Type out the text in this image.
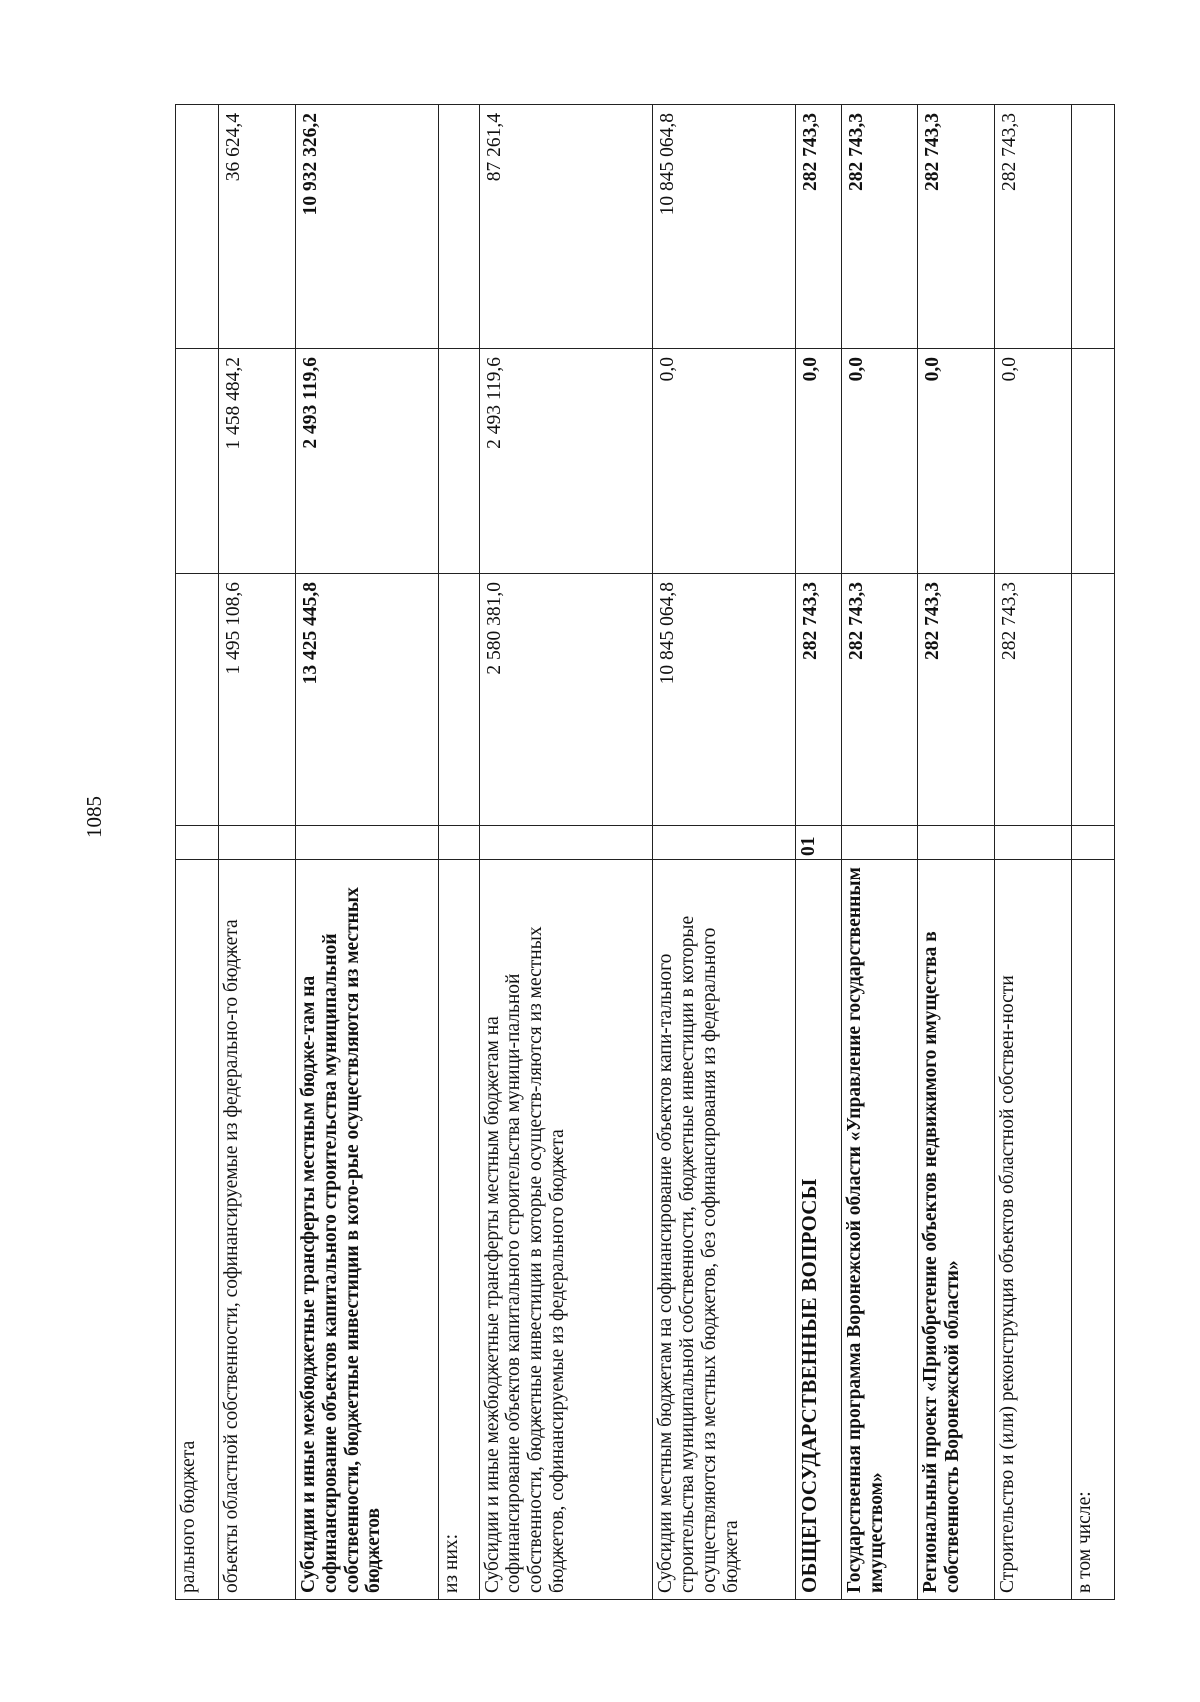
1085
рального бюджета				
объекты областной собственности, софинансируемые из федерально-го бюджета		1 495 108,6	1 458 484,2	36 624,4
Субсидии и иные межбюджетные трансферты местным бюдже-там на софинансирование объектов капитального строительства муниципальной собственности, бюджетные инвестиции в кото-рые осуществляются из местных бюджетов		13 425 445,8	2 493 119,6	10 932 326,2
из них:				
Субсидии и иные межбюджетные трансферты местным бюджетам на софинансирование объектов капитального строительства муници-пальной собственности, бюджетные инвестиции в которые осуществ-ляются из местных бюджетов, софинансируемые из федерального бюджета		2 580 381,0	2 493 119,6	87 261,4
Субсидии местным бюджетам на софинансирование объектов капи-тального строительства муниципальной собственности, бюджетные инвестиции в которые осуществляются из местных бюджетов, без софинансирования из федерального бюджета		10 845 064,8	0,0	10 845 064,8
ОБЩЕГОСУДАРСТВЕННЫЕ ВОПРОСЫ	01	282 743,3	0,0	282 743,3
Государственная программа Воронежской области «Управление государственным имуществом»		282 743,3	0,0	282 743,3
Региональный проект «Приобретение объектов недвижимого имущества в собственность Воронежской области»		282 743,3	0,0	282 743,3
Строительство и (или) реконструкция объектов областной собствен-ности		282 743,3	0,0	282 743,3
в том числе:				
